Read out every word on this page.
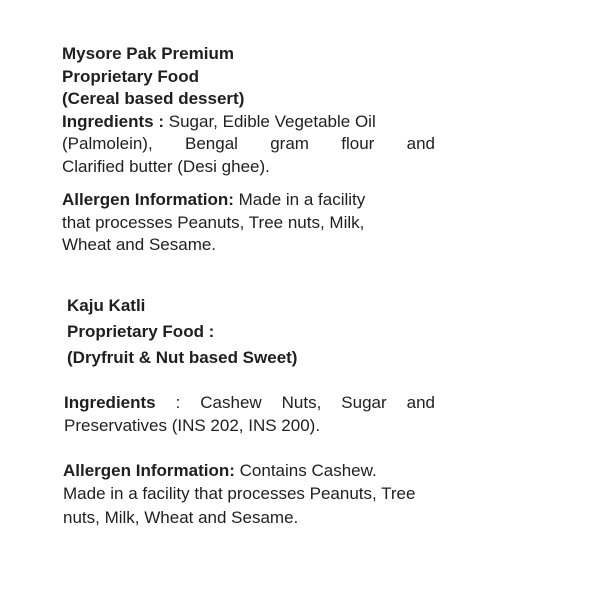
Mysore Pak Premium
Proprietary Food
(Cereal based dessert)
Ingredients : Sugar, Edible Vegetable Oil
(Palmolein), Bengal gram flour and
Clarified butter (Desi ghee).
Allergen Information: Made in a facility
that processes Peanuts, Tree nuts, Milk,
Wheat and Sesame.
Kaju Katli
Proprietary Food :
(Dryfruit & Nut based Sweet)
Ingredients : Cashew Nuts, Sugar and
Preservatives (INS 202, INS 200).
Allergen Information: Contains Cashew.
Made in a facility that processes Peanuts, Tree
nuts, Milk, Wheat and Sesame.
